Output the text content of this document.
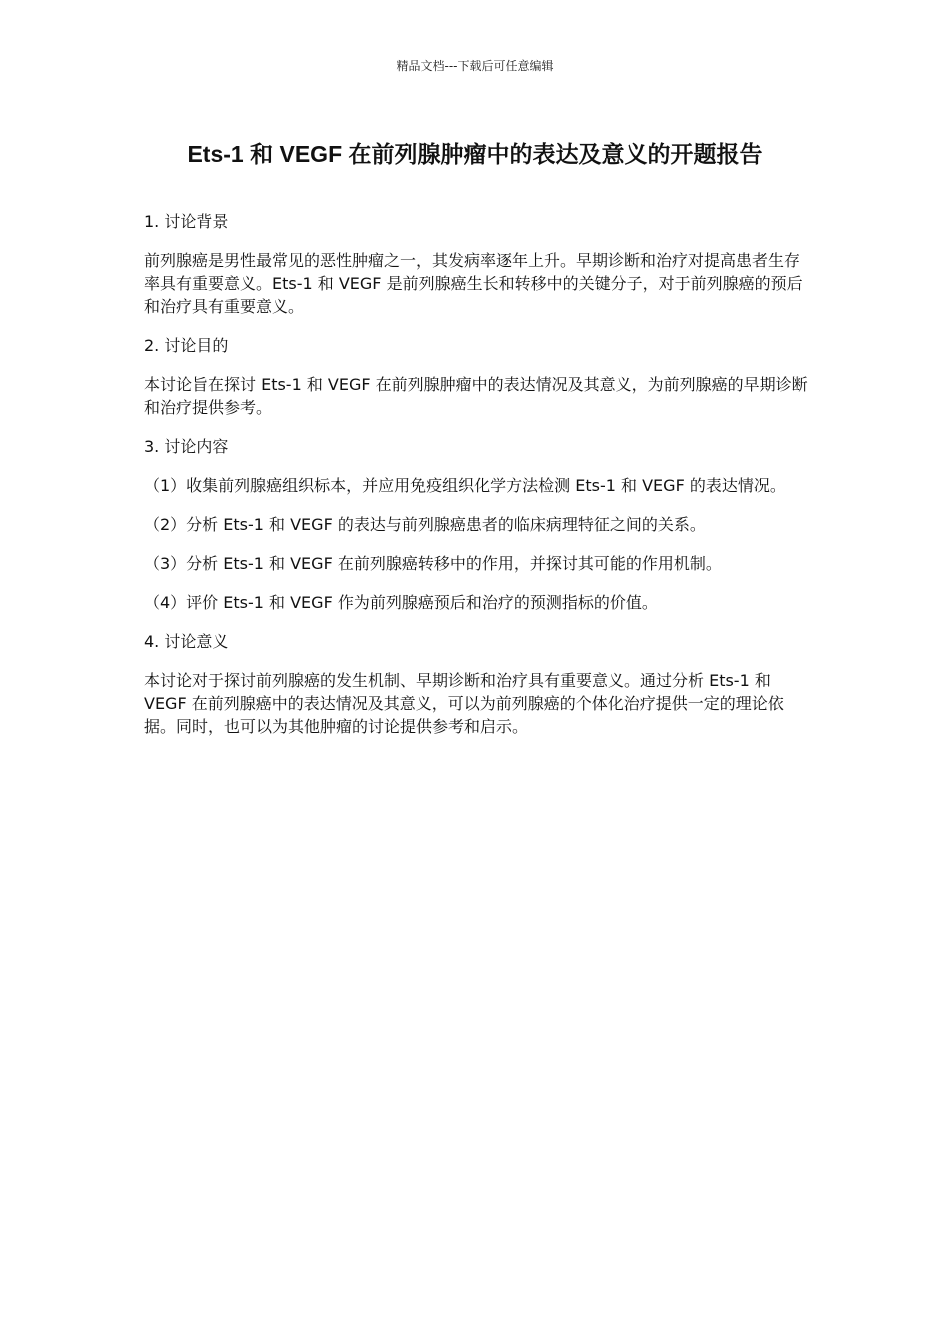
精品文档---下载后可任意编辑
Ets-1 和 VEGF 在前列腺肿瘤中的表达及意义的开题报告
1. 讨论背景

前列腺癌是男性最常见的恶性肿瘤之一，其发病率逐年上升。早期诊断和治疗对提高患者生存率具有重要意义。Ets-1 和 VEGF 是前列腺癌生长和转移中的关键分子，对于前列腺癌的预后和治疗具有重要意义。

2. 讨论目的

本讨论旨在探讨 Ets-1 和 VEGF 在前列腺肿瘤中的表达情况及其意义，为前列腺癌的早期诊断和治疗提供参考。

3. 讨论内容

（1）收集前列腺癌组织标本，并应用免疫组织化学方法检测 Ets-1 和 VEGF 的表达情况。

（2）分析 Ets-1 和 VEGF 的表达与前列腺癌患者的临床病理特征之间的关系。

（3）分析 Ets-1 和 VEGF 在前列腺癌转移中的作用，并探讨其可能的作用机制。

（4）评价 Ets-1 和 VEGF 作为前列腺癌预后和治疗的预测指标的价值。

4. 讨论意义

本讨论对于探讨前列腺癌的发生机制、早期诊断和治疗具有重要意义。通过分析 Ets-1 和 VEGF 在前列腺癌中的表达情况及其意义，可以为前列腺癌的个体化治疗提供一定的理论依据。同时，也可以为其他肿瘤的讨论提供参考和启示。
